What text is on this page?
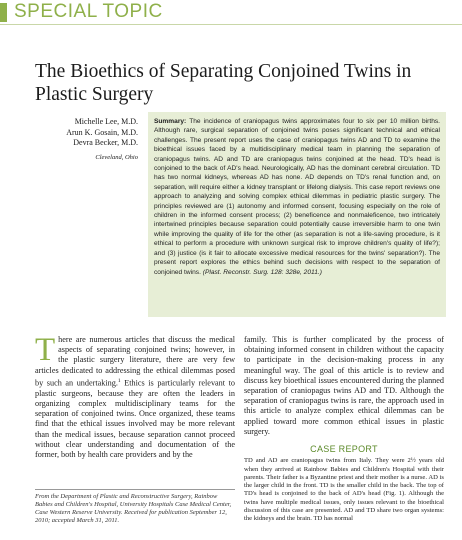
SPECIAL TOPIC
The Bioethics of Separating Conjoined Twins in Plastic Surgery
Michelle Lee, M.D.
Arun K. Gosain, M.D.
Devra Becker, M.D.
Cleveland, Ohio
Summary: The incidence of craniopagus twins approximates four to six per 10 million births. Although rare, surgical separation of conjoined twins poses significant technical and ethical challenges. The present report uses the case of craniopagus twins AD and TD to examine the bioethical issues faced by a multidisciplinary medical team in planning the separation of craniopagus twins. AD and TD are craniopagus twins conjoined at the head. TD's head is conjoined to the back of AD's head. Neurologically, AD has the dominant cerebral circulation. TD has two normal kidneys, whereas AD has none. AD depends on TD's renal function and, on separation, will require either a kidney transplant or lifelong dialysis. This case report reviews one approach to analyzing and solving complex ethical dilemmas in pediatric plastic surgery. The principles reviewed are (1) autonomy and informed consent, focusing especially on the role of children in the informed consent process; (2) beneficence and nonmaleficence, two intricately intertwined principles because separation could potentially cause irreversible harm to one twin while improving the quality of life for the other (as separation is not a life-saving procedure, is it ethical to perform a procedure with unknown surgical risk to improve children's quality of life?); and (3) justice (is it fair to allocate excessive medical resources for the twins' separation?). The present report explores the ethics behind such decisions with respect to the separation of conjoined twins. (Plast. Reconstr. Surg. 128: 328e, 2011.)
There are numerous articles that discuss the medical aspects of separating conjoined twins; however, in the plastic surgery literature, there are very few articles dedicated to addressing the ethical dilemmas posed by such an undertaking.$^1$ Ethics is particularly relevant to plastic surgeons, because they are often the leaders in organizing complex multidisciplinary teams for the separation of conjoined twins. Once organized, these teams find that the ethical issues involved may be more relevant than the medical issues, because separation cannot proceed without clear understanding and documentation of the former, both by health care providers and by the
family. This is further complicated by the process of obtaining informed consent in children without the capacity to participate in the decision-making process in any meaningful way. The goal of this article is to review and discuss key bioethical issues encountered during the planned separation of craniopagus twins AD and TD. Although the separation of craniopagus twins is rare, the approach used in this article to analyze complex ethical dilemmas can be applied toward more common ethical issues in plastic surgery.
CASE REPORT
TD and AD are craniopagus twins from Italy. They were 2½ years old when they arrived at Rainbow Babies and Children's Hospital with their parents. Their father is a Byzantine priest and their mother is a nurse. AD is the larger child in the front. TD is the smaller child in the back. The top of TD's head is conjoined to the back of AD's head (Fig. 1). Although the twins have multiple medical issues, only issues relevant to the bioethical discussion of this case are presented. AD and TD share two organ systems: the kidneys and the brain. TD has normal
From the Department of Plastic and Reconstructive Surgery, Rainbow Babies and Children's Hospital, University Hospitals Case Medical Center, Case Western Reserve University. Received for publication September 12, 2010; accepted March 31, 2011.
